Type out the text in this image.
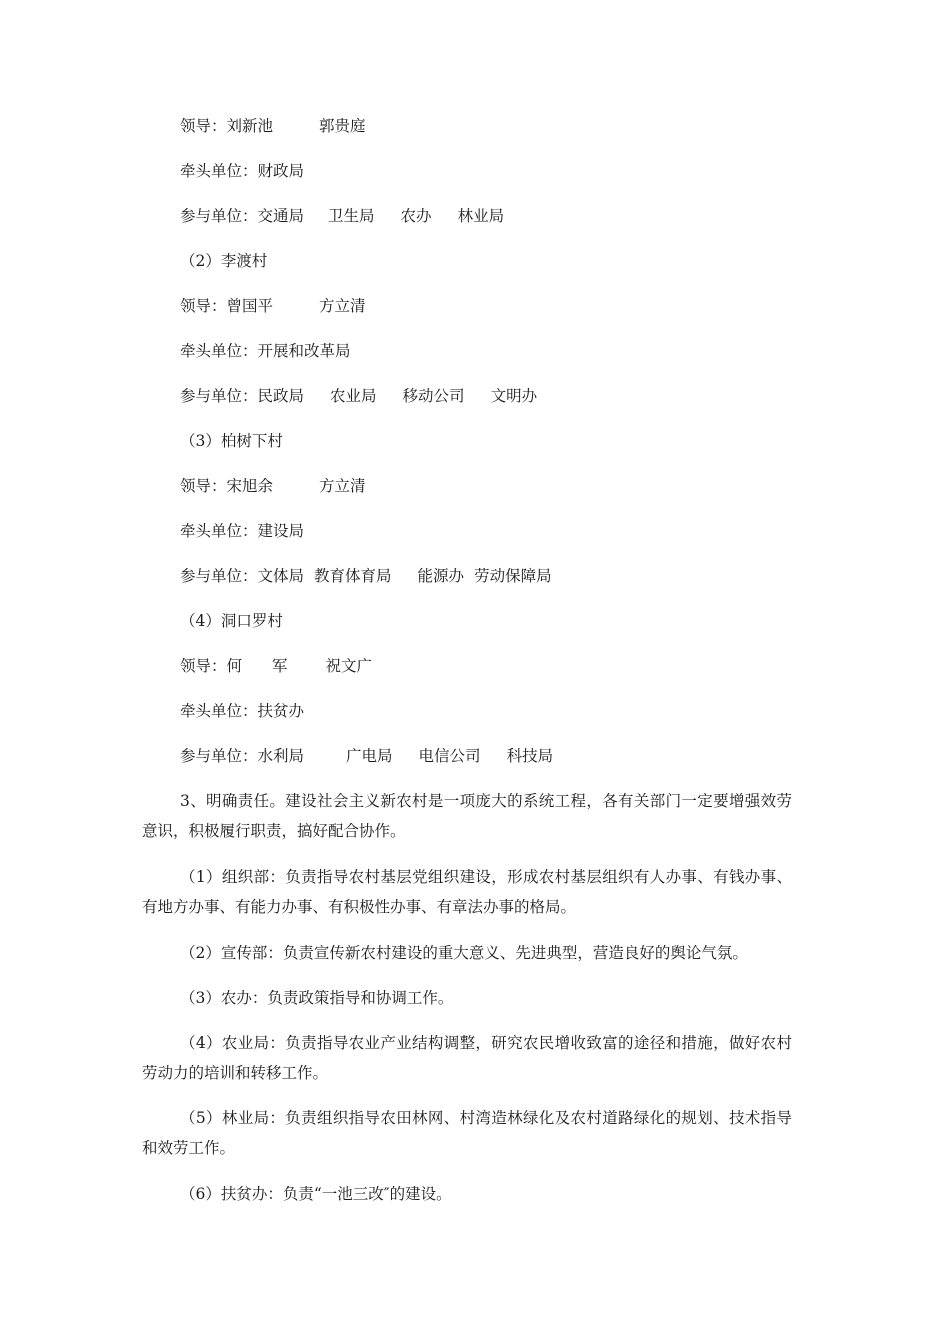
领导：刘新池	郭贵庭
牵头单位：财政局
参与单位：交通局 卫生局 农办 林业局
（2）李渡村
领导：曾国平	方立清
牵头单位：开展和改革局
参与单位：民政局 农业局 移动公司 文明办
（3）柏树下村
领导：宋旭余	方立清
牵头单位：建设局
参与单位：文体局 教育体育局 能源办 劳动保障局
（4）洞口罗村
领导：何 军 祝文广
牵头单位：扶贫办
参与单位：水利局	广电局 电信公司 科技局
3、明确责任。建设社会主义新农村是一项庞大的系统工程，各有关部门一定要增强效劳意识，积极履行职责，搞好配合协作。
（1）组织部：负责指导农村基层党组织建设，形成农村基层组织有人办事、有钱办事、有地方办事、有能力办事、有积极性办事、有章法办事的格局。
（2）宣传部：负责宣传新农村建设的重大意义、先进典型，营造良好的舆论气氛。
（3）农办：负责政策指导和协调工作。
（4）农业局：负责指导农业产业结构调整，研究农民增收致富的途径和措施，做好农村劳动力的培训和转移工作。
（5）林业局：负责组织指导农田林网、村湾造林绿化及农村道路绿化的规划、技术指导和效劳工作。
（6）扶贫办：负责“一池三改″的建设。
